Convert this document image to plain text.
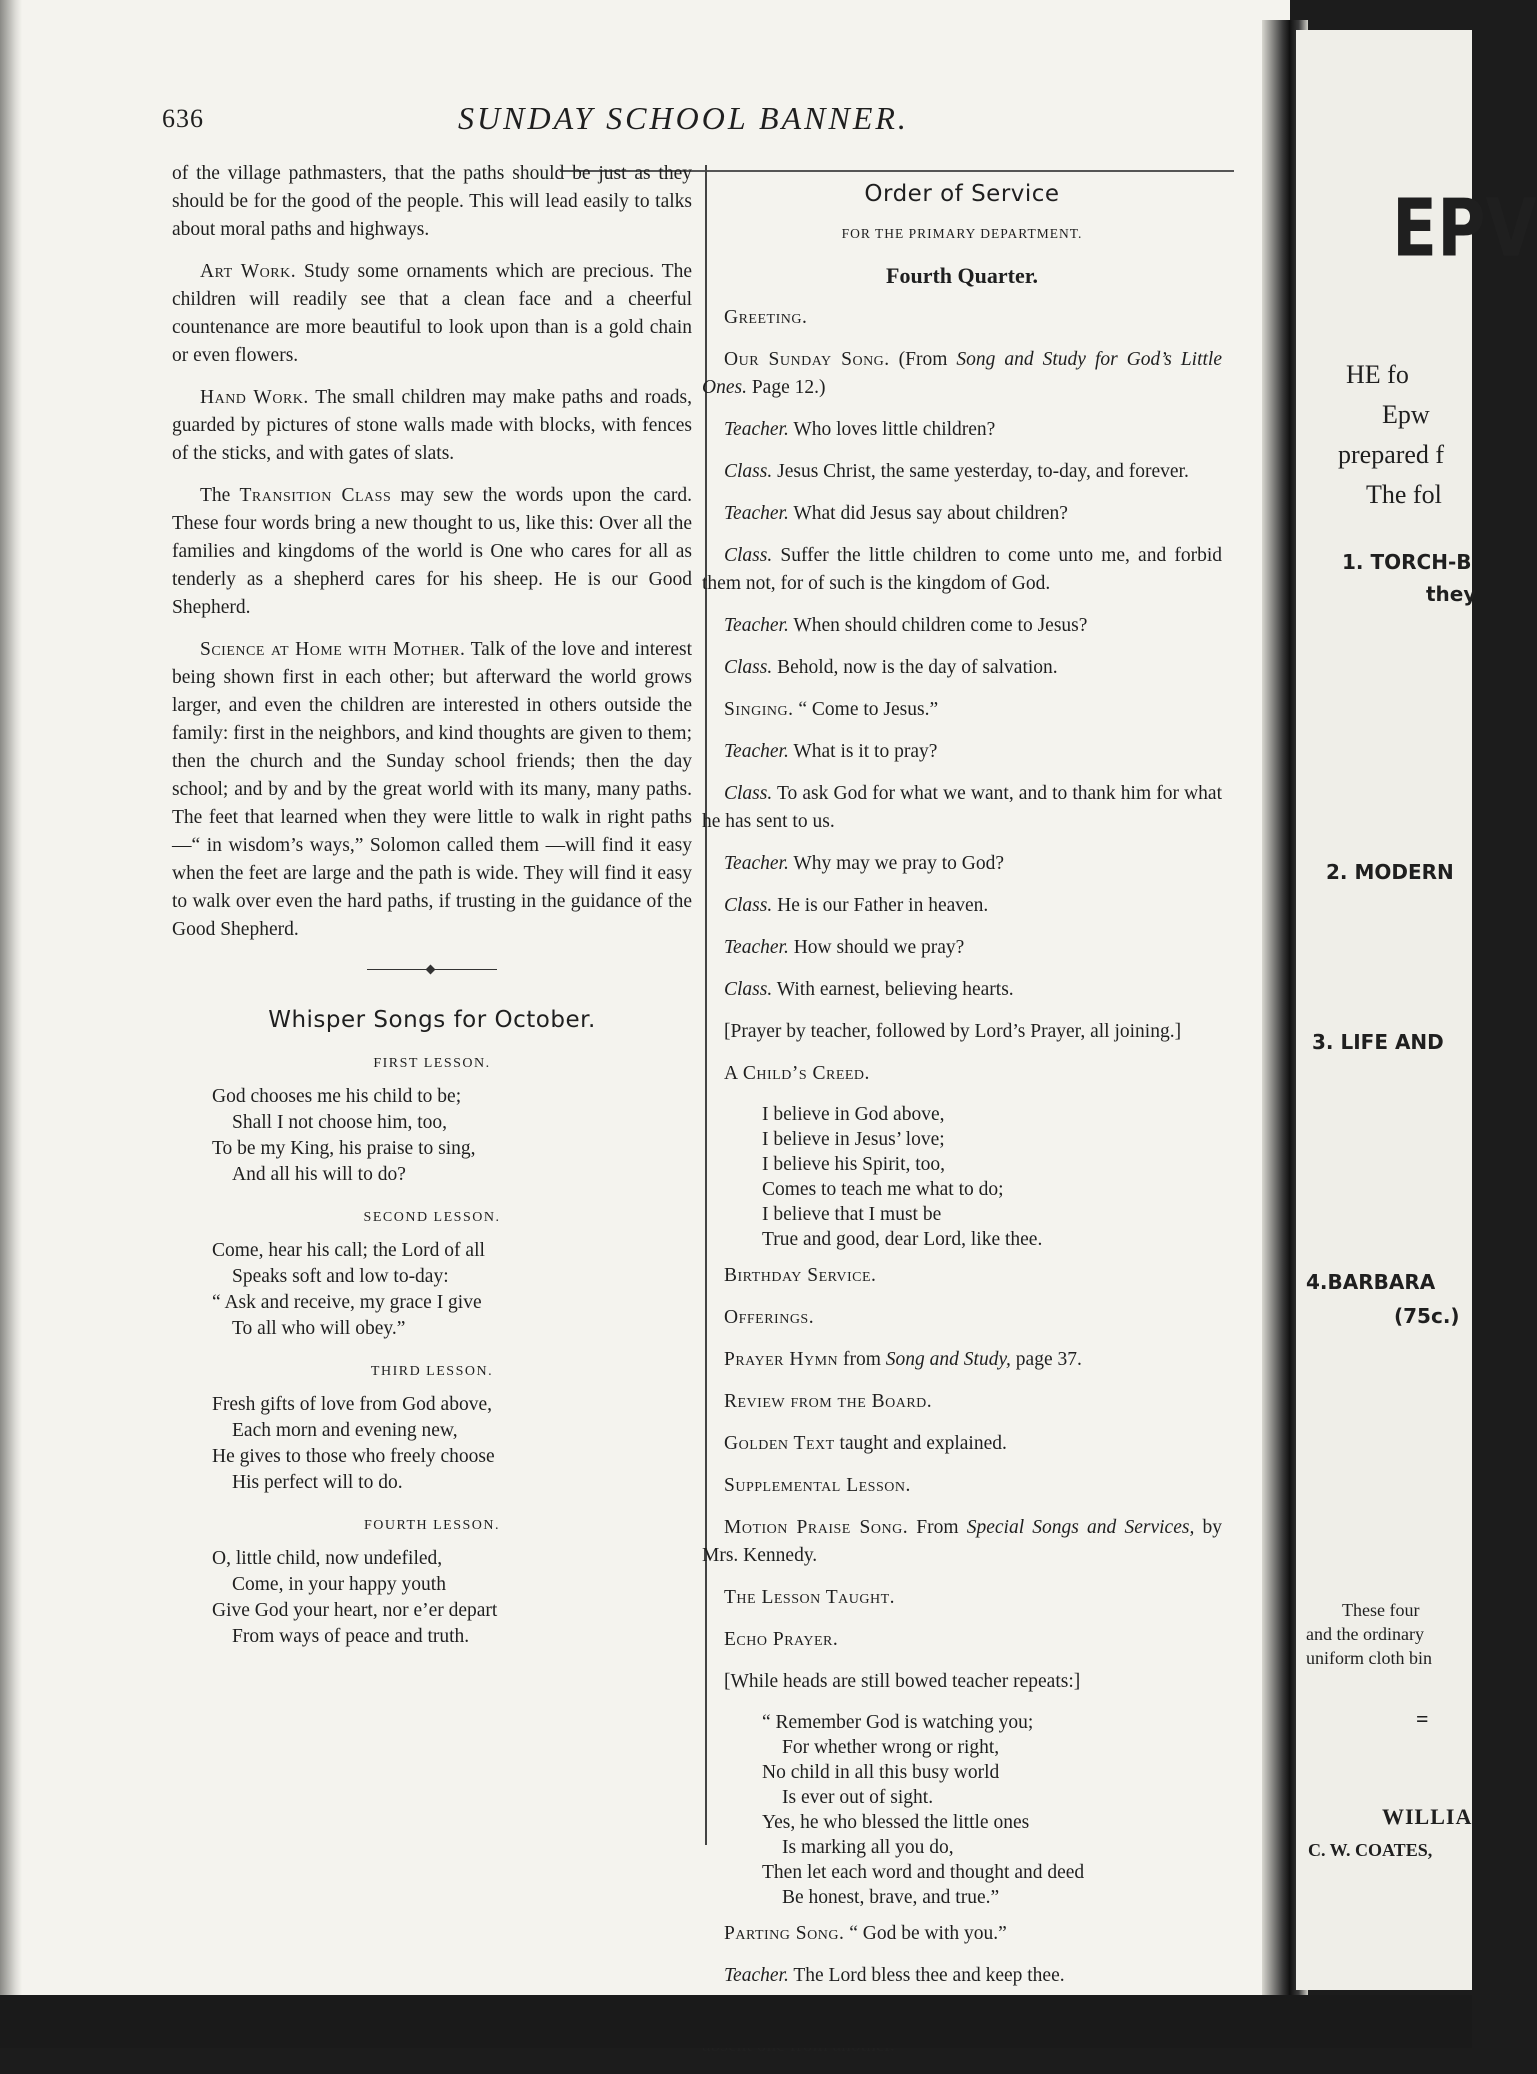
636	SUNDAY SCHOOL BANNER.

of the village pathmasters, that the paths should be just as they should be for the good of the people. This will lead easily to talks about moral paths and highways.

Art Work. Study some ornaments which are precious. The children will readily see that a clean face and a cheerful countenance are more beautiful to look upon than is a gold chain or even flowers.

Hand Work. The small children may make paths and roads, guarded by pictures of stone walls made with blocks, with fences of the sticks, and with gates of slats.

The Transition Class may sew the words upon the card. These four words bring a new thought to us, like this: Over all the families and kingdoms of the world is One who cares for all as tenderly as a shepherd cares for his sheep. He is our Good Shepherd.

Science at Home with Mother. Talk of the love and interest being shown first in each other; but afterward the world grows larger, and even the children are interested in others outside the family: first in the neighbors, and kind thoughts are given to them; then the church and the Sunday school friends; then the day school; and by and by the great world with its many, many paths. The feet that learned when they were little to walk in right paths—“ in wisdom’s ways,” Solomon called them —will find it easy when the feet are large and the path is wide. They will find it easy to walk over even the hard paths, if trusting in the guidance of the Good Shepherd.

Whisper Songs for October.
FIRST LESSON.
God chooses me his child to be;
Shall I not choose him, too,
To be my King, his praise to sing,
And all his will to do?
SECOND LESSON.
Come, hear his call; the Lord of all
Speaks soft and low to-day:
“ Ask and receive, my grace I give
To all who will obey.”
THIRD LESSON.
Fresh gifts of love from God above,
Each morn and evening new,
He gives to those who freely choose
His perfect will to do.
FOURTH LESSON.
O, little child, now undefiled,
Come, in your happy youth
Give God your heart, nor e’er depart
From ways of peace and truth.
Order of Service

FOR THE PRIMARY DEPARTMENT.

Fourth Quarter.

Greeting.

Our Sunday Song. (From Song and Study for God’s Little Ones. Page 12.)

Teacher. Who loves little children?

Class. Jesus Christ, the same yesterday, to-day, and forever.

Teacher. What did Jesus say about children?

Class. Suffer the little children to come unto me, and forbid them not, for of such is the kingdom of God.

Teacher. When should children come to Jesus?

Class. Behold, now is the day of salvation.

Singing. “ Come to Jesus.”

Teacher. What is it to pray?

Class. To ask God for what we want, and to thank him for what he has sent to us.

Teacher. Why may we pray to God?

Class. He is our Father in heaven.

Teacher. How should we pray?

Class. With earnest, believing hearts.

[Prayer by teacher, followed by Lord’s Prayer, all joining.]

A Child’s Creed.

I believe in God above,
I believe in Jesus’ love;
I believe his Spirit, too,
Comes to teach me what to do;
I believe that I must be
True and good, dear Lord, like thee.

Birthday Service.

Offerings.

Prayer Hymn from Song and Study, page 37.

Review from the Board.

Golden Text taught and explained.

Supplemental Lesson.

Motion Praise Song. From Special Songs and Services, by Mrs. Kennedy.

The Lesson Taught.

Echo Prayer.

[While heads are still bowed teacher repeats:]

“ Remember God is watching you;
For whether wrong or right,
No child in all this busy world
Is ever out of sight.
Yes, he who blessed the little ones
Is marking all you do,
Then let each word and thought and deed
Be honest, brave, and true.”

Parting Song. “ God be with you.”

Teacher. The Lord bless thee and keep thee.

EPV
HE fo
Epw
prepared f
The fol
1. TORCH-B
they
2. MODERN
3. LIFE AND
4.BARBARA
(75c.)
These four
and the ordinary
uniform cloth bin
=
WILLIA
C. W. COATES,
